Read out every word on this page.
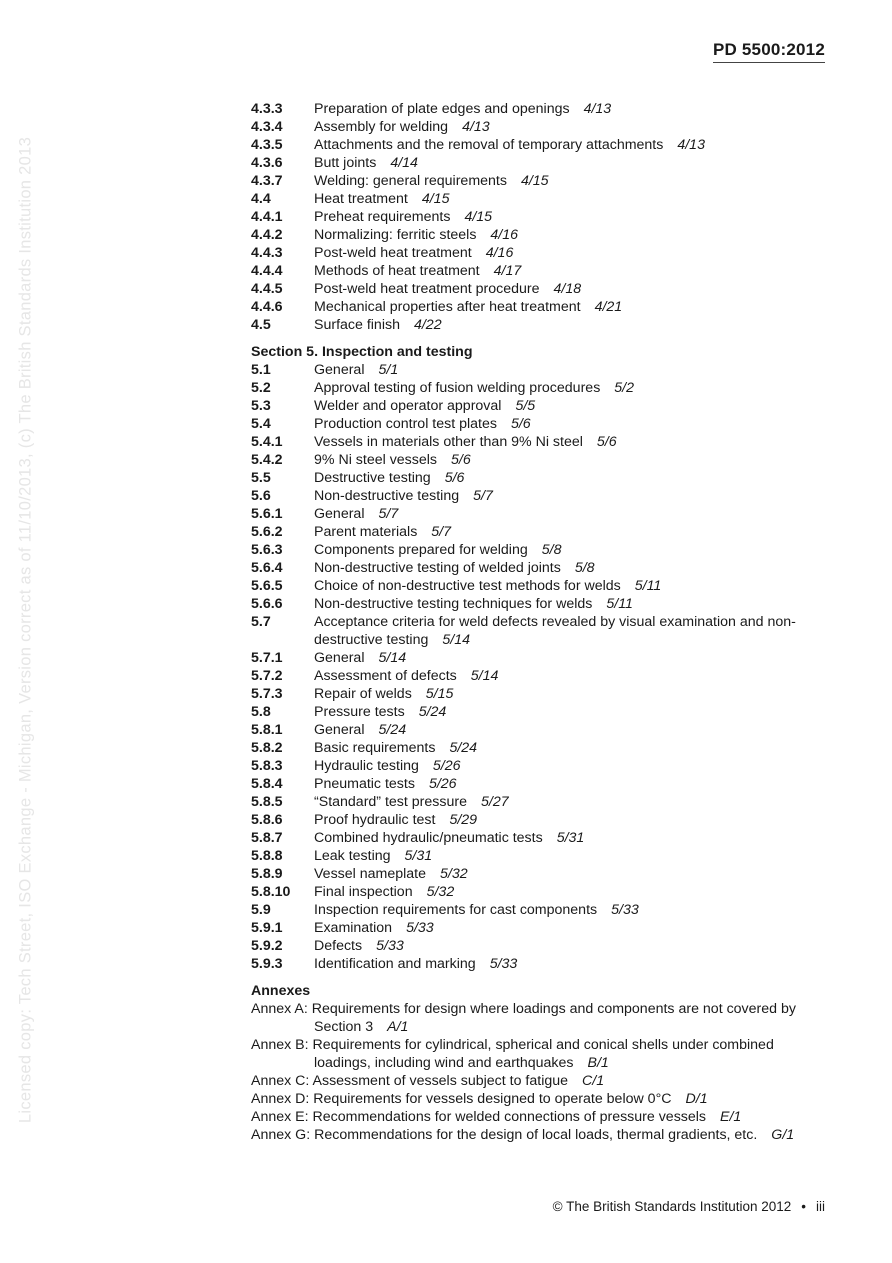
PD 5500:2012
Licensed copy: Tech Street, ISO Exchange - Michigan, Version correct as of 11/10/2013, (c) The British Standards Institution 2013
4.3.3	Preparation of plate edges and openings 4/13
4.3.4	Assembly for welding 4/13
4.3.5	Attachments and the removal of temporary attachments 4/13
4.3.6	Butt joints 4/14
4.3.7	Welding: general requirements 4/15
4.4	Heat treatment 4/15
4.4.1	Preheat requirements 4/15
4.4.2	Normalizing: ferritic steels 4/16
4.4.3	Post-weld heat treatment 4/16
4.4.4	Methods of heat treatment 4/17
4.4.5	Post-weld heat treatment procedure 4/18
4.4.6	Mechanical properties after heat treatment 4/21
4.5	Surface finish 4/22
Section 5. Inspection and testing
5.1	General 5/1
5.2	Approval testing of fusion welding procedures 5/2
5.3	Welder and operator approval 5/5
5.4	Production control test plates 5/6
5.4.1	Vessels in materials other than 9% Ni steel 5/6
5.4.2	9% Ni steel vessels 5/6
5.5	Destructive testing 5/6
5.6	Non-destructive testing 5/7
5.6.1	General 5/7
5.6.2	Parent materials 5/7
5.6.3	Components prepared for welding 5/8
5.6.4	Non-destructive testing of welded joints 5/8
5.6.5	Choice of non-destructive test methods for welds 5/11
5.6.6	Non-destructive testing techniques for welds 5/11
5.7	Acceptance criteria for weld defects revealed by visual examination and non-destructive testing 5/14
5.7.1	General 5/14
5.7.2	Assessment of defects 5/14
5.7.3	Repair of welds 5/15
5.8	Pressure tests 5/24
5.8.1	General 5/24
5.8.2	Basic requirements 5/24
5.8.3	Hydraulic testing 5/26
5.8.4	Pneumatic tests 5/26
5.8.5	“Standard” test pressure 5/27
5.8.6	Proof hydraulic test 5/29
5.8.7	Combined hydraulic/pneumatic tests 5/31
5.8.8	Leak testing 5/31
5.8.9	Vessel nameplate 5/32
5.8.10	Final inspection 5/32
5.9	Inspection requirements for cast components 5/33
5.9.1	Examination 5/33
5.9.2	Defects 5/33
5.9.3	Identification and marking 5/33
Annexes
Annex A: Requirements for design where loadings and components are not covered by Section 3 A/1
Annex B: Requirements for cylindrical, spherical and conical shells under combined loadings, including wind and earthquakes B/1
Annex C: Assessment of vessels subject to fatigue C/1
Annex D: Requirements for vessels designed to operate below 0°C D/1
Annex E: Recommendations for welded connections of pressure vessels E/1
Annex G: Recommendations for the design of local loads, thermal gradients, etc. G/1
© The British Standards Institution 2012 • iii
